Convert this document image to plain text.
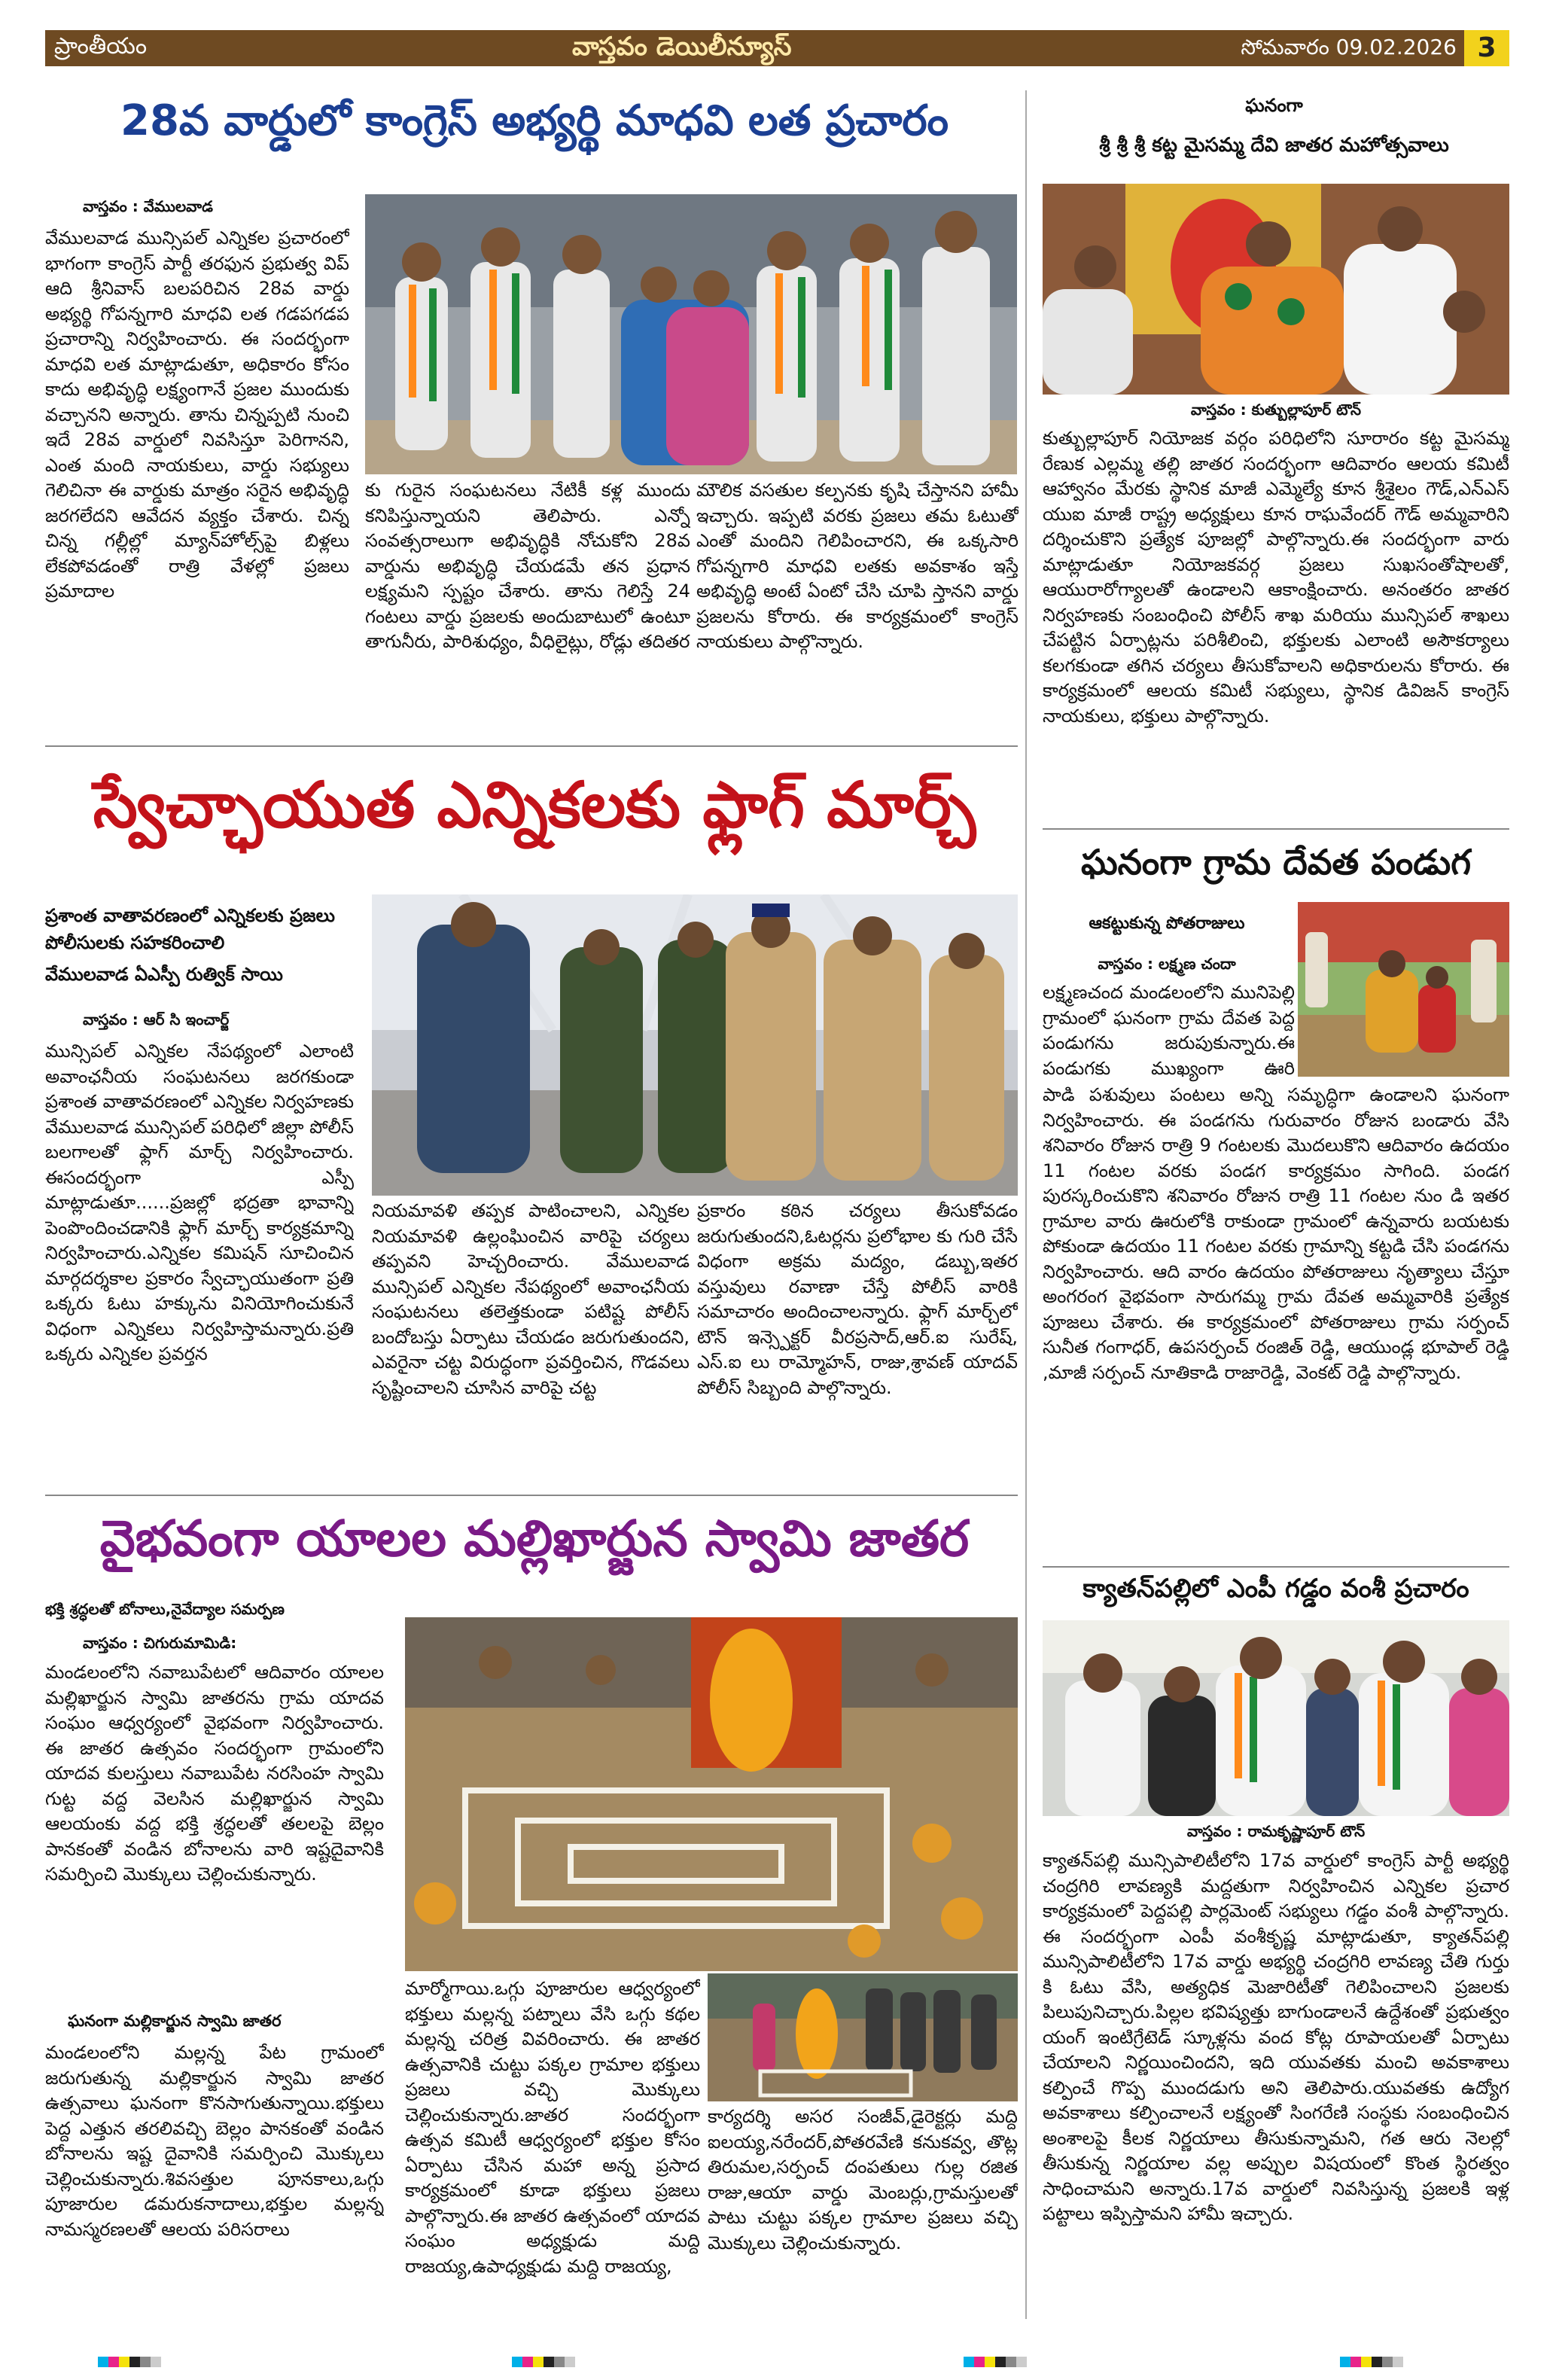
ప్రాంతీయం	వాస్తవం డెయిలీన్యూస్	సోమవారం 09.02.2026 3
28వ వార్డులో కాంగ్రెస్ అభ్యర్థి మాధవి లత ప్రచారం
వాస్తవం : వేములవాడ
వేములవాడ మున్సిపల్ ఎన్నికల ప్రచారంలో భాగంగా కాంగ్రెస్ పార్టీ తరఫున ప్రభుత్వ విప్ ఆది శ్రీనివాస్ బలపరిచిన 28వ వార్డు అభ్యర్థి గోపన్నగారి మాధవి లత గడపగడప ప్రచారాన్ని నిర్వహించారు. ఈ సందర్భంగా మాధవి లత మాట్లాడుతూ, అధికారం కోసం కాదు అభివృద్ధి లక్ష్యంగానే ప్రజల ముందుకు వచ్చానని అన్నారు. తాను చిన్నప్పటి నుంచి ఇదే 28వ వార్డులో నివసిస్తూ పెరిగానని, ఎంత మంది నాయకులు, వార్డు సభ్యులు గెలిచినా ఈ వార్డుకు మాత్రం సరైన అభివృద్ధి జరగలేదని ఆవేదన వ్యక్తం చేశారు. చిన్న చిన్న గల్లీల్లో మ్యాన్‌హోల్స్‌పై బిళ్లలు లేకపోవడంతో రాత్రి వేళల్లో ప్రజలు ప్రమాదాల
కు గురైన సంఘటనలు నేటికీ కళ్ల ముందు కనిపిస్తున్నాయని తెలిపారు. ఎన్నో సంవత్సరాలుగా అభివృద్ధికి నోచుకోని 28వ వార్డును అభివృద్ధి చేయడమే తన ప్రధాన లక్ష్యమని స్పష్టం చేశారు. తాను గెలిస్తే 24 గంటలు వార్డు ప్రజలకు అందుబాటులో ఉంటూ తాగునీరు, పారిశుధ్యం, వీధిలైట్లు, రోడ్లు తదితర
మౌలిక వసతుల కల్పనకు కృషి చేస్తానని హామీ ఇచ్చారు. ఇప్పటి వరకు ప్రజలు తమ ఓటుతో ఎంతో మందిని గెలిపించారని, ఈ ఒక్కసారి గోపన్నగారి మాధవి లతకు అవకాశం ఇస్తే అభివృద్ధి అంటే ఏంటో చేసి చూపి స్తానని వార్డు ప్రజలను కోరారు. ఈ కార్యక్రమంలో కాంగ్రెస్ నాయకులు పాల్గొన్నారు.
స్వేచ్ఛాయుత ఎన్నికలకు ఫ్లాగ్ మార్చ్
ప్రశాంత వాతావరణంలో ఎన్నికలకు ప్రజలు పోలీసులకు సహకరించాలి
వేములవాడ ఏఎస్పీ రుత్విక్ సాయి
వాస్తవం : ఆర్ సి ఇంచార్జ్
మున్సిపల్ ఎన్నికల నేపథ్యంలో ఎలాంటి అవాంఛనీయ సంఘటనలు జరగకుండా ప్రశాంత వాతావరణంలో ఎన్నికల నిర్వహణకు వేములవాడ మున్సిపల్ పరిధిలో జిల్లా పోలీస్ బలగాలతో ఫ్లాగ్ మార్చ్ నిర్వహించారు. ఈసందర్భంగా ఎస్పీ మాట్లాడుతూ......ప్రజల్లో భద్రతా భావాన్ని పెంపొందించడానికి ఫ్లాగ్ మార్చ్ కార్యక్రమాన్ని నిర్వహించారు.ఎన్నికల కమిషన్ సూచించిన మార్గదర్శకాల ప్రకారం స్వేచ్ఛాయుతంగా ప్రతి ఒక్కరు ఓటు హక్కును వినియోగించుకునే విధంగా ఎన్నికలు నిర్వహిస్తామన్నారు.ప్రతి ఒక్కరు ఎన్నికల ప్రవర్తన
నియమావళి తప్పక పాటించాలని, ఎన్నికల నియమావళి ఉల్లంఘించిన వారిపై చర్యలు తప్పవని హెచ్చరించారు. వేములవాడ మున్సిపల్ ఎన్నికల నేపథ్యంలో అవాంఛనీయ సంఘటనలు తలెత్తకుండా పటిష్ట పోలీస్ బందోబస్తు ఏర్పాటు చేయడం జరుగుతుందని, ఎవరైనా చట్ట విరుద్ధంగా ప్రవర్తించిన, గొడవలు సృష్టించాలని చూసిన వారిపై చట్ట
ప్రకారం కఠిన చర్యలు తీసుకోవడం జరుగుతుందని,ఓటర్లను ప్రలోభాల కు గురి చేసే విధంగా అక్రమ మద్యం, డబ్బు,ఇతర వస్తువులు రవాణా చేస్తే పోలీస్ వారికి సమాచారం అందించాలన్నారు. ఫ్లాగ్ మార్చ్‌లో టౌన్ ఇన్స్పెక్టర్ వీరప్రసాద్,ఆర్.ఐ సురేష్, ఎస్.ఐ లు రామ్మోహన్, రాజు,శ్రావణ్ యాదవ్ పోలీస్ సిబ్బంది పాల్గొన్నారు.
వైభవంగా యాలల మల్లిఖార్జున స్వామి జాతర
భక్తి శ్రద్ధలతో బోనాలు,నైవేద్యాల సమర్పణ
వాస్తవం : చిగురుమామిడి:
మండలంలోని నవాబుపేటలో ఆదివారం యాలల మల్లిఖార్జున స్వామి జాతరను గ్రామ యాదవ సంఘం ఆధ్వర్యంలో వైభవంగా నిర్వహించారు. ఈ జాతర ఉత్సవం సందర్భంగా గ్రామంలోని యాదవ కులస్తులు నవాబుపేట నరసింహ స్వామి గుట్ట వద్ద వెలసిన మల్లిఖార్జున స్వామి ఆలయంకు వద్ద భక్తి శ్రద్ధలతో తలలపై బెల్లం పానకంతో వండిన బోనాలను వారి ఇష్టదైవానికి సమర్పించి మొక్కులు చెల్లించుకున్నారు.
ఘనంగా మల్లికార్జున స్వామి జాతర
మండలంలోని మల్లన్న పేట గ్రామంలో జరుగుతున్న మల్లికార్జున స్వామి జాతర ఉత్సవాలు ఘనంగా కొనసాగుతున్నాయి.భక్తులు పెద్ద ఎత్తున తరలివచ్చి బెల్లం పానకంతో వండిన బోనాలను ఇష్ట దైవానికి సమర్పించి మొక్కులు చెల్లించుకున్నారు.శివసత్తుల పూనకాలు,ఒగ్గు పూజారుల డమరుకనాదాలు,భక్తుల మల్లన్న నామస్మరణలతో ఆలయ పరిసరాలు
మార్మోగాయి.ఒగ్గు పూజారుల ఆధ్వర్యంలో భక్తులు మల్లన్న పట్నాలు వేసి ఒగ్గు కథల మల్లన్న చరిత్ర వివరించారు. ఈ జాతర ఉత్సవానికి చుట్టు పక్కల గ్రామాల భక్తులు ప్రజలు వచ్చి మొక్కులు చెల్లించుకున్నారు.జాతర సందర్భంగా ఉత్సవ కమిటీ ఆధ్వర్యంలో భక్తుల కోసం ఏర్పాటు చేసిన మహా అన్న ప్రసాద కార్యక్రమంలో కూడా భక్తులు ప్రజలు పాల్గొన్నారు.ఈ జాతర ఉత్సవంలో యాదవ సంఘం అధ్యక్షుడు మద్ది రాజయ్య,ఉపాధ్యక్షుడు మద్ది రాజయ్య,
కార్యదర్శి అసర సంజీవ్,డైరెక్టర్లు మద్ది ఐలయ్య,నరేందర్,పోతరవేణి కనుకవ్వ, తొట్ల తిరుమల,సర్పంచ్ దంపతులు గుల్ల రజిత రాజు,ఆయా వార్డు మెంబర్లు,గ్రామస్తులతో పాటు చుట్టు పక్కల గ్రామాల ప్రజలు వచ్చి మొక్కులు చెల్లించుకున్నారు.
ఘనంగా
శ్రీ శ్రీ శ్రీ కట్ట మైసమ్మ దేవి జాతర మహోత్సవాలు
వాస్తవం : కుత్బుల్లాపూర్ టౌన్
కుత్బుల్లాపూర్ నియోజక వర్గం పరిధిలోని సూరారం కట్ట మైసమ్మ రేణుక ఎల్లమ్మ తల్లి జాతర సందర్భంగా ఆదివారం ఆలయ కమిటీ ఆహ్వానం మేరకు స్థానిక మాజీ ఎమ్మెల్యే కూన శ్రీశైలం గౌడ్,ఎన్ఎస్ యుఐ మాజీ రాష్ట్ర అధ్యక్షులు కూన రాఘవేందర్ గౌడ్ అమ్మవారిని దర్శించుకొని ప్రత్యేక పూజల్లో పాల్గొన్నారు.ఈ సందర్భంగా వారు మాట్లాడుతూ నియోజకవర్గ ప్రజలు సుఖసంతోషాలతో, ఆయురారోగ్యాలతో ఉండాలని ఆకాంక్షించారు. అనంతరం జాతర నిర్వహణకు సంబంధించి పోలీస్ శాఖ మరియు మున్సిపల్ శాఖలు చేపట్టిన ఏర్పాట్లను పరిశీలించి, భక్తులకు ఎలాంటి అసౌకర్యాలు కలగకుండా తగిన చర్యలు తీసుకోవాలని అధికారులను కోరారు. ఈ కార్యక్రమంలో ఆలయ కమిటీ సభ్యులు, స్థానిక డివిజన్ కాంగ్రెస్ నాయకులు, భక్తులు పాల్గొన్నారు.
ఘనంగా గ్రామ దేవత పండుగ
ఆకట్టుకున్న పోతరాజులు
వాస్తవం : లక్ష్మణ చందా
లక్ష్మణచంద మండలంలోని మునిపెల్లి గ్రామంలో ఘనంగా గ్రామ దేవత పెద్ద పండుగను జరుపుకున్నారు.ఈ పండుగకు ముఖ్యంగా ఊరి
పాడి పశువులు పంటలు అన్ని సమృద్ధిగా ఉండాలని ఘనంగా నిర్వహించారు. ఈ పండగను గురువారం రోజున బండారు వేసి శనివారం రోజున రాత్రి 9 గంటలకు మొదలుకొని ఆదివారం ఉదయం 11 గంటల వరకు పండగ కార్యక్రమం సాగింది. పండగ పురస్కరించుకొని శనివారం రోజున రాత్రి 11 గంటల నుం డి ఇతర గ్రామాల వారు ఊరులోకి రాకుండా గ్రామంలో ఉన్నవారు బయటకు పోకుండా ఉదయం 11 గంటల వరకు గ్రామాన్ని కట్టడి చేసి పండగను నిర్వహించారు. ఆది వారం ఉదయం పోతరాజులు నృత్యాలు చేస్తూ అంగరంగ వైభవంగా సారుగమ్మ గ్రామ దేవత అమ్మవారికి ప్రత్యేక పూజలు చేశారు. ఈ కార్యక్రమంలో పోతరాజులు గ్రామ సర్పంచ్ సునీత గంగాధర్, ఉపసర్పంచ్ రంజిత్ రెడ్డి, ఆయుండ్ల భూపాల్ రెడ్డి ,మాజీ సర్పంచ్ నూతికాడి రాజారెడ్డి, వెంకట్ రెడ్డి పాల్గొన్నారు.
క్యాతన్‌పల్లిలో ఎంపీ గడ్డం వంశీ ప్రచారం
వాస్తవం : రామకృష్ణాపూర్ టౌన్
క్యాతన్‌పల్లి మున్సిపాలిటీలోని 17వ వార్డులో కాంగ్రెస్ పార్టీ అభ్యర్థి చంద్రగిరి లావణ్యకి మద్దతుగా నిర్వహించిన ఎన్నికల ప్రచార కార్యక్రమంలో పెద్దపల్లి పార్లమెంట్ సభ్యులు గడ్డం వంశీ పాల్గొన్నారు. ఈ సందర్భంగా ఎంపీ వంశీకృష్ణ మాట్లాడుతూ, క్యాతన్‌పల్లి మున్సిపాలిటీలోని 17వ వార్డు అభ్యర్థి చంద్రగిరి లావణ్య చేతి గుర్తు కి ఓటు వేసి, అత్యధిక మెజారిటీతో గెలిపించాలని ప్రజలకు పిలుపునిచ్చారు.పిల్లల భవిష్యత్తు బాగుండాలనే ఉద్దేశంతో ప్రభుత్వం యంగ్ ఇంటిగ్రేటెడ్ స్కూళ్లను వంద కోట్ల రూపాయలతో ఏర్పాటు చేయాలని నిర్ణయించిందని, ఇది యువతకు మంచి అవకాశాలు కల్పించే గొప్ప ముందడుగు అని తెలిపారు.యువతకు ఉద్యోగ అవకాశాలు కల్పించాలనే లక్ష్యంతో సింగరేణి సంస్థకు సంబంధించిన అంశాలపై కీలక నిర్ణయాలు తీసుకున్నామని, గత ఆరు నెలల్లో తీసుకున్న నిర్ణయాల వల్ల అప్పుల విషయంలో కొంత స్థిరత్వం సాధించామని అన్నారు.17వ వార్డులో నివసిస్తున్న ప్రజలకి ఇళ్ల పట్టాలు ఇప్పిస్తామని హామీ ఇచ్చారు.
